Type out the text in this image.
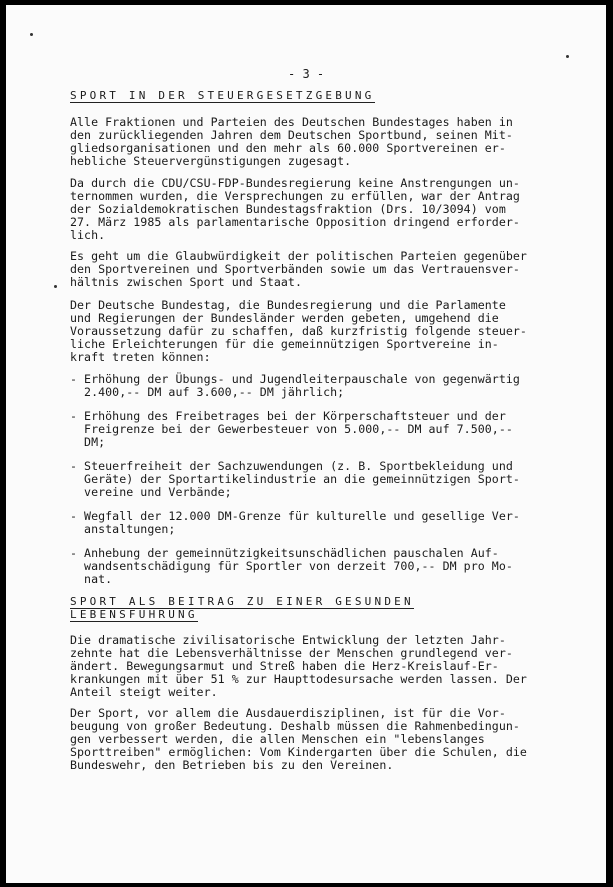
- 3 -
SPORT IN DER STEUERGESETZGEBUNG
Alle Fraktionen und Parteien des Deutschen Bundestages haben in
den zurückliegenden Jahren dem Deutschen Sportbund, seinen Mit-
gliedsorganisationen und den mehr als 60.000 Sportvereinen er-
hebliche Steuervergünstigungen zugesagt.
Da durch die CDU/CSU-FDP-Bundesregierung keine Anstrengungen un-
ternommen wurden, die Versprechungen zu erfüllen, war der Antrag
der Sozialdemokratischen Bundestagsfraktion (Drs. 10/3094) vom
27. März 1985 als parlamentarische Opposition dringend erforder-
lich.
Es geht um die Glaubwürdigkeit der politischen Parteien gegenüber
den Sportvereinen und Sportverbänden sowie um das Vertrauensver-
hältnis zwischen Sport und Staat.
Der Deutsche Bundestag, die Bundesregierung und die Parlamente
und Regierungen der Bundesländer werden gebeten, umgehend die
Voraussetzung dafür zu schaffen, daß kurzfristig folgende steuer-
liche Erleichterungen für die gemeinnützigen Sportvereine in-
kraft treten können:
- Erhöhung der Übungs- und Jugendleiterpauschale von gegenwärtig
2.400,-- DM auf 3.600,-- DM jährlich;
- Erhöhung des Freibetrages bei der Körperschaftsteuer und der
Freigrenze bei der Gewerbesteuer von 5.000,-- DM auf 7.500,--
DM;
- Steuerfreiheit der Sachzuwendungen (z. B. Sportbekleidung und
Geräte) der Sportartikelindustrie an die gemeinnützigen Sport-
vereine und Verbände;
- Wegfall der 12.000 DM-Grenze für kulturelle und gesellige Ver-
anstaltungen;
- Anhebung der gemeinnützigkeitsunschädlichen pauschalen Auf-
wandsentschädigung für Sportler von derzeit 700,-- DM pro Mo-
nat.
SPORT ALS BEITRAG ZU EINER GESUNDEN
LEBENSFÜHRUNG
Die dramatische zivilisatorische Entwicklung der letzten Jahr-
zehnte hat die Lebensverhältnisse der Menschen grundlegend ver-
ändert. Bewegungsarmut und Streß haben die Herz-Kreislauf-Er-
krankungen mit über 51 % zur Haupttodesursache werden lassen. Der
Anteil steigt weiter.
Der Sport, vor allem die Ausdauerdisziplinen, ist für die Vor-
beugung von großer Bedeutung. Deshalb müssen die Rahmenbedingun-
gen verbessert werden, die allen Menschen ein "lebenslanges
Sporttreiben" ermöglichen: Vom Kindergarten über die Schulen, die
Bundeswehr, den Betrieben bis zu den Vereinen.
